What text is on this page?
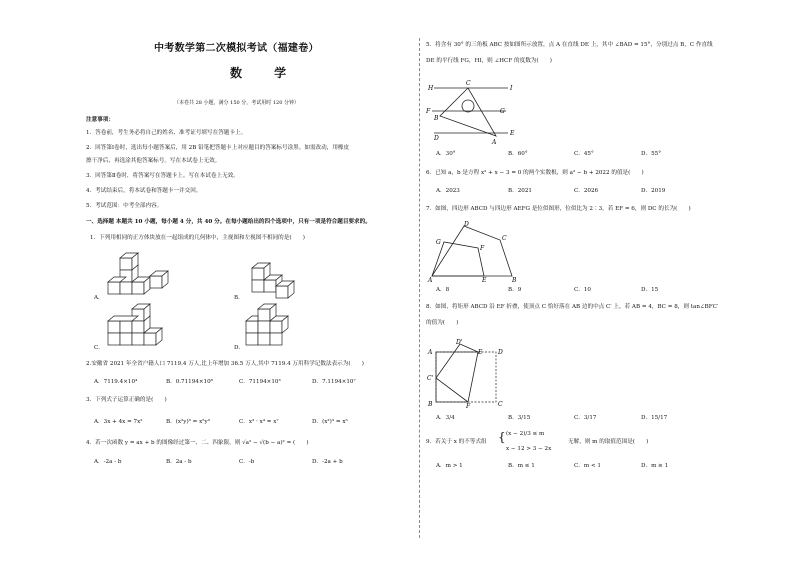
中考数学第二次模拟考试（福建卷）
数 学
（本卷共 28 小题，满分 150 分，考试用时 120 分钟）
注意事项：
1．答卷前，考生务必将自己的姓名、准考证号填写在答题卡上。
2．回答第Ⅰ卷时，选出每小题答案后，用 2B 铅笔把答题卡上对应题目的答案标号涂黑。如需改动，用橡皮
擦干净后，再选涂其他答案标号。写在本试卷上无效。
3．回答第Ⅱ卷时，将答案写在答题卡上。写在本试卷上无效。
4．考试结束后，将本试卷和答题卡一并交回。
5．考试范围：中考全部内容。
一、选择题 本题共 10 小题，每小题 4 分，共 40 分。在每小题给出的四个选项中，只有一项是符合题目要求的。
1．下列用相同的正方体块放在一起组成的几何体中，主视图和左视图不相同的是(　　)
A．	B．
C．	D．
2.安徽省 2021 年全省户籍人口 7119.4 万人,比上年增加 36.5 万人,其中 7119.4 万用科学记数法表示为(　　)
A．7119.4×10⁴	B．0.71194×10⁸	C．71194×10³	D．7.1194×10⁷
3．下列式子运算正确的是(　　)
A．3x + 4x = 7x²	B．(x²y)³ = x⁵y³	C．x³ · x⁴ = x⁷	D．(x²)³ = x⁵
4．若一次函数 y = ax + b 的图像经过第一、二、四象限，则 √a² − √(b − a)² = (　　)
A．-2a - b	B．2a - b	C．-b	D．-2a + b
5．将含有 30° 的三角板 ABC 按如图所示放置，点 A 在直线 DE 上，其中 ∠BAD = 15°，分别过点 B，C 作直线
DE 的平行线 FG，HI，则 ∠HCF 的度数为(　　)
H
C
I
F
B
G
D
A
E
A．30°	B．60°	C．45°	D．55°
6．已知 a，b 是方程 x² + x − 3 = 0 的两个实数根，则 a² − b + 2022 的值是(　　)
A．2023	B．2021	C．2026	D．2019
7．如图，四边形 ABCD 与四边形 AEFG 是位似图形，位似比为 2∶3，若 EF = 6，则 DC 的长为(　　)
D
C
G
F
A	E	B
A．8	B．9	C．10	D．15
8．如图，将矩形 ABCD 沿 EF 折叠，使顶点 C 恰好落在 AB 边的中点 C′ 上，若 AB = 4，BC = 8，则 tan∠BFC′
的值为(　　)
A
D'
E	D
C'
B	F	C
A．3/4	B．3/15	C．3/17	D．15/17
9．若关于 x 的不等式组 { (x − 2)/3 ≤ m
x − 12 > 3 − 2x
无解，则 m 的取值范围是(　　)
A．m > 1	B．m ≤ 1	C．m < 1	D．m ≥ 1
